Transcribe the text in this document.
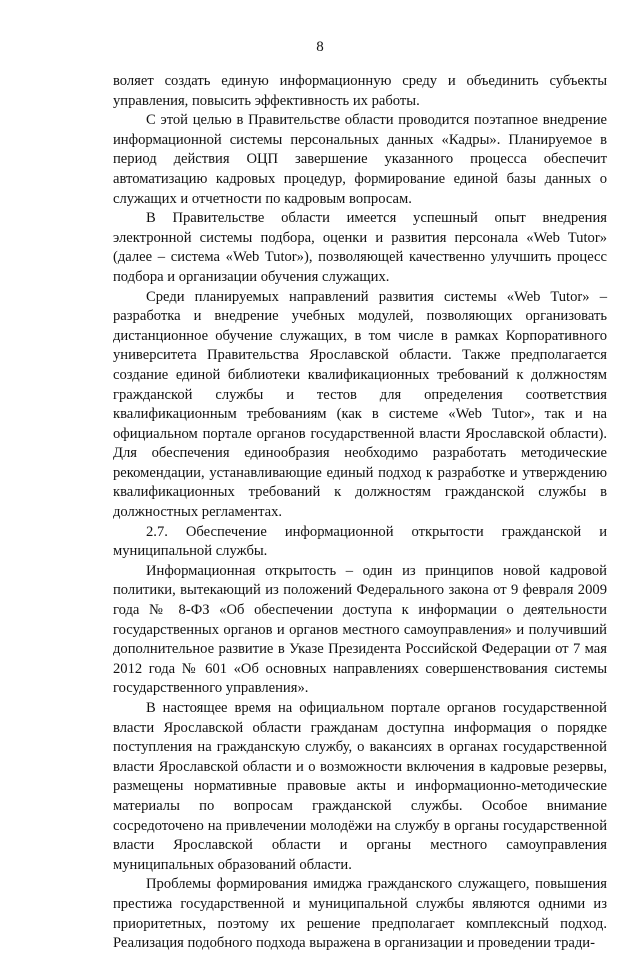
8

воляет создать единую информационную среду и объединить субъекты управления, повысить эффективность их работы.

С этой целью в Правительстве области проводится поэтапное внедрение информационной системы персональных данных «Кадры». Планируемое в период действия ОЦП завершение указанного процесса обеспечит автоматизацию кадровых процедур, формирование единой базы данных о служащих и отчетности по кадровым вопросам.

В Правительстве области имеется успешный опыт внедрения электронной системы подбора, оценки и развития персонала «Web Tutor» (далее – система «Web Tutor»), позволяющей качественно улучшить процесс подбора и организации обучения служащих.

Среди планируемых направлений развития системы «Web Tutor» – разработка и внедрение учебных модулей, позволяющих организовать дистанционное обучение служащих, в том числе в рамках Корпоративного университета Правительства Ярославской области. Также предполагается создание единой библиотеки квалификационных требований к должностям гражданской службы и тестов для определения соответствия квалификационным требованиям (как в системе «Web Tutor», так и на официальном портале органов государственной власти Ярославской области). Для обеспечения единообразия необходимо разработать методические рекомендации, устанавливающие единый подход к разработке и утверждению квалификационных требований к должностям гражданской службы в должностных регламентах.

2.7. Обеспечение информационной открытости гражданской и муниципальной службы.

Информационная открытость – один из принципов новой кадровой политики, вытекающий из положений Федерального закона от 9 февраля 2009 года № 8-ФЗ «Об обеспечении доступа к информации о деятельности государственных органов и органов местного самоуправления» и получивший дополнительное развитие в Указе Президента Российской Федерации от 7 мая 2012 года № 601 «Об основных направлениях совершенствования системы государственного управления».

В настоящее время на официальном портале органов государственной власти Ярославской области гражданам доступна информация о порядке поступления на гражданскую службу, о вакансиях в органах государственной власти Ярославской области и о возможности включения в кадровые резервы, размещены нормативные правовые акты и информационно-методические материалы по вопросам гражданской службы. Особое внимание сосредоточено на привлечении молодёжи на службу в органы государственной власти Ярославской области и органы местного самоуправления муниципальных образований области.

Проблемы формирования имиджа гражданского служащего, повышения престижа государственной и муниципальной службы являются одними из приоритетных, поэтому их решение предполагает комплексный подход. Реализация подобного подхода выражена в организации и проведении тради-
